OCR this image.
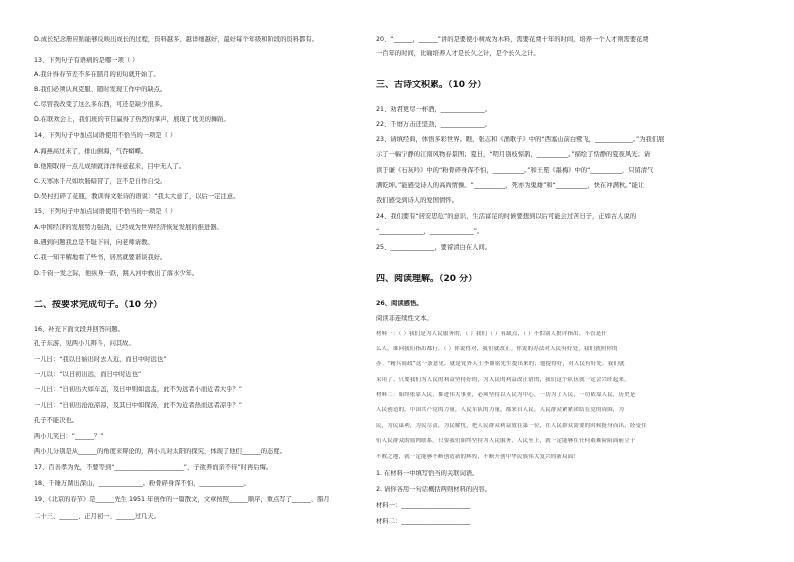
D.成长纪念册应贴能够反映出成长的过程，资料越多、越详细越好，最好每个年级和阶段的资料都有。
13、下列句子有语病的是哪一项（ ）
A.我计得春节差不多在腊月的初旬就开始了。
B.我们必须认真克服、随时发现工作中的缺点。
C.尽管我改变了这么多东西，可还是缺少很多。
D.在联欢会上，我们班的节目赢得了热烈的掌声，展现了优美的舞蹈。
14、下列句子中加点词语使用不恰当的一项是（ ）
A.海燕高过末了，排山倒海，气吞蟒蝶。
B.他刚取得一点儿成绩就洋洋得意起来，目中无人了。
C.天寒冰千尺如坎肠暗冒了，岂不是自作自受。
D.吴村打碎了花瓶，教训得文张诗的语说：“我太大意了，以后一定注意。
15、下列句子中加点词语使用不恰当的一项是（ ）
A.中国经济的发展势力强劲，已经成为世界经济恢复发展的推进器。
B.遇到问题我总是不耻下问，向老师请教。
C.我一知半解地看了些书，居然就要谐谈我好。
D.千钧一发之际，他纵身一跃，跳入河中救出了落水少年。
二、按要求完成句子。（10 分）
16、补充下面文段并回答问题。
孔子东游，见两小儿辩斗，问其故。
一儿曰：“我以日始出时去人近，而日中时远也”
一儿以：“以日初出远，而日中时近也”
一儿曰：“日初出大如车盖，及日中则如盘盂，此不为远者小而近者大乎？”
一儿曰：“日初出沧沧凉凉，及其日中如探汤，此不为近者热而远者凉乎？”
孔子不能决也。
两小儿笑曰：“______？”
两小儿分别是从______的角度来辩论的，两小儿对太阳的探究，体现了他们______的态度。
17、百善孝为先，不要等到“______________________”，子欲养而亲不待”时再后悔。
18、千锤万凿出深山，______________。粉骨碎身浑不怕，______________。
19、《北京的春节》是______先生 1951 年创作的一篇散文，文章按照______顺序，重点写了______、腊月
二十三、______、正月初一、______过几天。
20、“______，______”讲的是要使小树成为木料，需要花费十年的时间，培养一个人才则需要花费
一百年的时间，比喻培养人才是长久之计，是个长久之计。
三、古诗文积累。（10 分）
21、劝君更尽一杯酒，______________。
22、千磨万击还坚劲，______________。
23、请填经典，体悟多彩世界。瞧，张志和《渔歌子》中的“西塞山前白鹭飞，____________。”为我们展
示了一幅宁静的江南风物春景图；夏日，“明月别枝惊鹊，__________。”描绘了恬静的夏夜风光；请
读于谦《石灰吟》中的“粉骨碎身浑不怕，__________。”和王冕《墨梅》中的“__________，只留清气
满乾坤。”能感受诗人的高尚情操。“__________，死亦为鬼雄”和“__________，快在冲满秋。”能让
我们感受到诗人的爱国情怀。
24、我们要有“居安思危”的意识，生活富足的时候要想到以后可能会过苦日子，正如古人说的
“______________，______________”。
25、______________，要留清白在人间。
四、阅读理解。（20 分）
26、阅读感悟。
阅读非连续性文本。
材料一：（ ）我们是为人民服务的，（ ）我们（ ）有缺点，（ ）不怕别人批评指出。不管是什
么人，谁向我们指出都行。（ ）你说得对，我们就改正。你说的办法对人民有好处，我们就照你的
办。“精兵简政”这一条意见，就是党外人士李鼎铭先生提出来的；他提得好，对人民有好处，我们就
采用了。只要我们为人民的利益坚持好的，为人民的利益改正错的，我们这个队伍就一定会兴旺起来。
材料二：始终依靠人民，推进伟大事业，必须坚持以人民为中心，一切为了人民，一切依靠人民，历史是
人民创造的。中国共产党的力量，人民军队的力量，都来自人民。人民群众紧紧团结在党的周围，为
民，为民谋利，为民尽责，为民解忧，把人民群众利益放在第一位，在人民群众需要的时候挺身而出，经受住
们人民群众的血肉联系。只要我们始终坚持为人民服务，人民至上，就一定能够在任何艰难险阻面前立于
不败之地，就一定能够不断创造新的辉煌，不断开创中华民族伟大复兴的新局面！
1. 在材料一中填写恰当的关联词语。
2. 请你各用一句话概括两则材料的内容。
材料一：______________________
材料二：______________________
